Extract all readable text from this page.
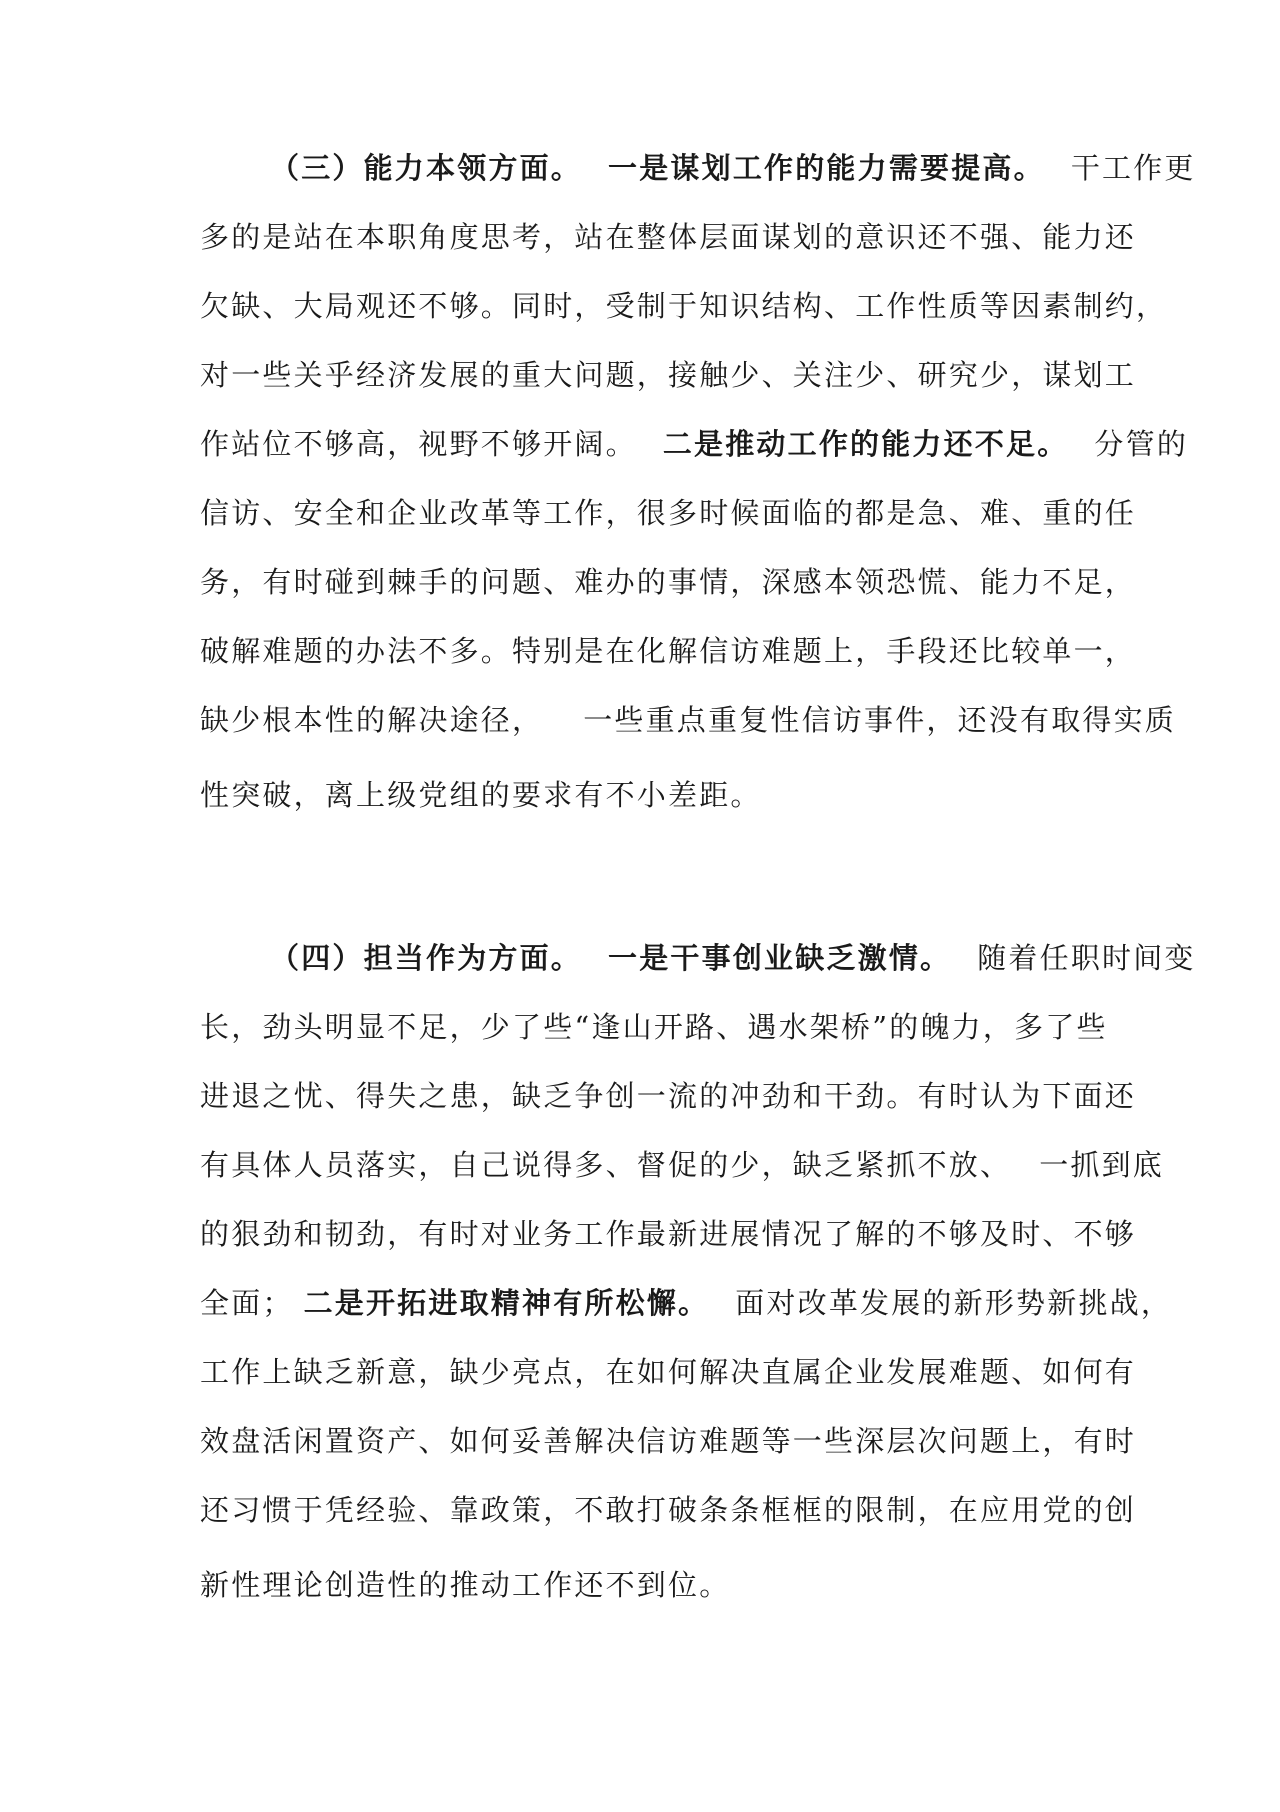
（三）能力本领方面。 一是谋划工作的能力需要提高。 干工作更
多的是站在本职角度思考，站在整体层面谋划的意识还不强、能力还
欠缺、大局观还不够。同时，受制于知识结构、工作性质等因素制约，
对一些关乎经济发展的重大问题，接触少、关注少、研究少，谋划工
作站位不够高，视野不够开阔。 二是推动工作的能力还不足。 分管的
信访、安全和企业改革等工作，很多时候面临的都是急、难、重的任
务，有时碰到棘手的问题、难办的事情，深感本领恐慌、能力不足，
破解难题的办法不多。特别是在化解信访难题上，手段还比较单一，
缺少根本性的解决途径， 一些重点重复性信访事件，还没有取得实质
性突破，离上级党组的要求有不小差距。
（四）担当作为方面。 一是干事创业缺乏激情。 随着任职时间变
长，劲头明显不足，少了些“逢山开路、遇水架桥”的魄力，多了些
进退之忧、得失之患，缺乏争创一流的冲劲和干劲。有时认为下面还
有具体人员落实，自己说得多、督促的少，缺乏紧抓不放、 一抓到底
的狠劲和韧劲，有时对业务工作最新进展情况了解的不够及时、不够
全面； 二是开拓进取精神有所松懈。 面对改革发展的新形势新挑战，
工作上缺乏新意，缺少亮点，在如何解决直属企业发展难题、如何有
效盘活闲置资产、如何妥善解决信访难题等一些深层次问题上，有时
还习惯于凭经验、靠政策，不敢打破条条框框的限制，在应用党的创
新性理论创造性的推动工作还不到位。
